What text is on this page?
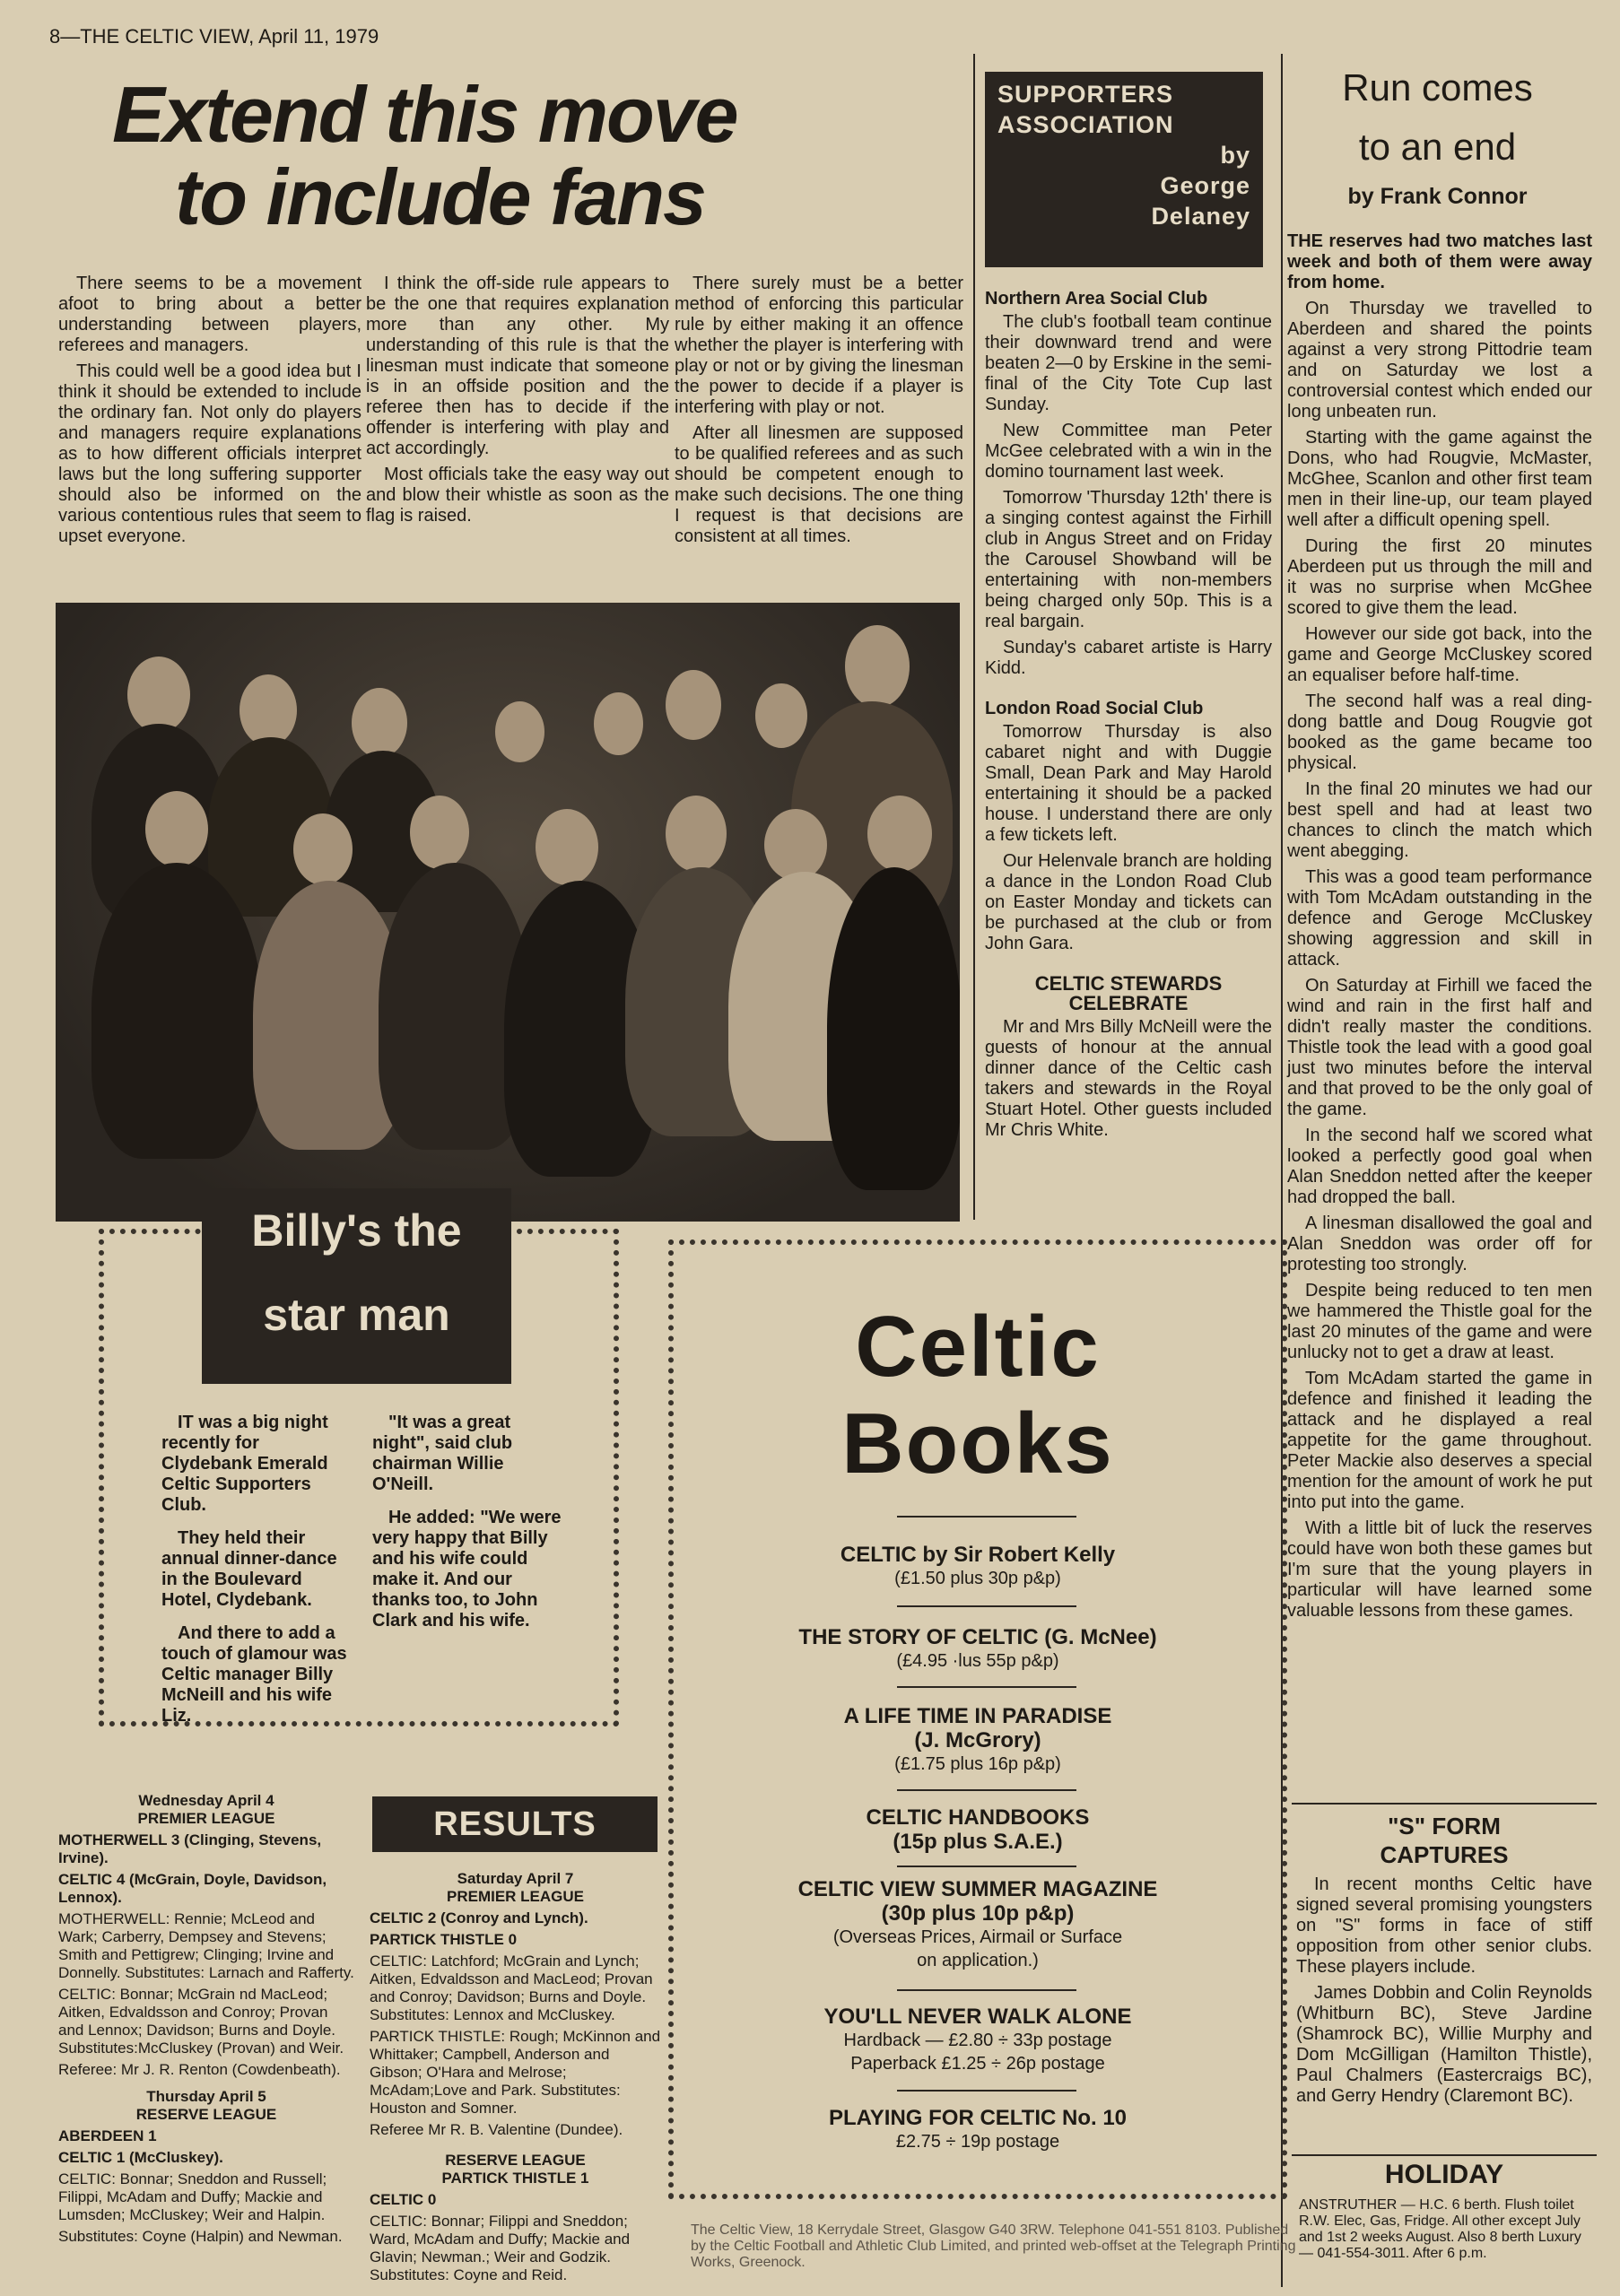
8—THE CELTIC VIEW, April 11, 1979
Extend this move
to include fans

There seems to be a movement afoot to bring about a better understanding between players, referees and managers.

This could well be a good idea but I think it should be extended to include the ordinary fan. Not only do players and managers require explanations as to how different officials interpret laws but the long suffering supporter should also be informed on the various contentious rules that seem to upset everyone.

I think the off-side rule appears to be the one that requires explanation more than any other. My understanding of this rule is that the linesman must indicate that someone is in an offside position and the referee then has to decide if the offender is interfering with play and act accordingly.

Most officials take the easy way out and blow their whistle as soon as the flag is raised.

There surely must be a better method of enforcing this particular rule by either making it an offence whether the player is interfering with play or not or by giving the linesman the power to decide if a player is interfering with play or not.

After all linesmen are supposed to be qualified referees and as such should be competent enough to make such decisions. The one thing I request is that decisions are consistent at all times.

SUPPORTERS
ASSOCIATION
by
George
Delaney
Northern Area Social Club

The club's football team continue their downward trend and were beaten 2—0 by Erskine in the semi-final of the City Tote Cup last Sunday.

New Committee man Peter McGee celebrated with a win in the domino tournament last week.

Tomorrow 'Thursday 12th' there is a singing contest against the Firhill club in Angus Street and on Friday the Carousel Showband will be entertaining with non-members being charged only 50p. This is a real bargain.

Sunday's cabaret artiste is Harry Kidd.

London Road Social Club

Tomorrow Thursday is also cabaret night and with Duggie Small, Dean Park and May Harold entertaining it should be a packed house. I understand there are only a few tickets left.

Our Helenvale branch are holding a dance in the London Road Club on Easter Monday and tickets can be purchased at the club or from John Gara.

CELTIC STEWARDS
CELEBRATE

Mr and Mrs Billy McNeill were the guests of honour at the annual dinner dance of the Celtic cash takers and stewards in the Royal Stuart Hotel. Other guests included Mr Chris White.

Billy's the
star man

IT was a big night recently for Clydebank Emerald Celtic Supporters Club.

They held their annual dinner-dance in the Boulevard Hotel, Clydebank.

And there to add a touch of glamour was Celtic manager Billy McNeill and his wife Liz.

"It was a great night", said club chairman Willie O'Neill.

He added: "We were very happy that Billy and his wife could make it. And our thanks too, to John Clark and his wife.

Run comes
to an end
by Frank Connor

THE reserves had two matches last week and both of them were away from home.

On Thursday we travelled to Aberdeen and shared the points against a very strong Pittodrie team and on Saturday we lost a controversial contest which ended our long unbeaten run.

Starting with the game against the Dons, who had Rougvie, McMaster, McGhee, Scanlon and other first team men in their line-up, our team played well after a difficult opening spell.

During the first 20 minutes Aberdeen put us through the mill and it was no surprise when McGhee scored to give them the lead.

However our side got back, into the game and George McCluskey scored an equaliser before half-time.

The second half was a real ding-dong battle and Doug Rougvie got booked as the game became too physical.

In the final 20 minutes we had our best spell and had at least two chances to clinch the match which went abegging.

This was a good team performance with Tom McAdam outstanding in the defence and Geroge McCluskey showing aggression and skill in attack.

On Saturday at Firhill we faced the wind and rain in the first half and didn't really master the conditions. Thistle took the lead with a good goal just two minutes before the interval and that proved to be the only goal of the game.

In the second half we scored what looked a perfectly good goal when Alan Sneddon netted after the keeper had dropped the ball.

A linesman disallowed the goal and Alan Sneddon was order off for protesting too strongly.

Despite being reduced to ten men we hammered the Thistle goal for the last 20 minutes of the game and were unlucky not to get a draw at least.

Tom McAdam started the game in defence and finished it leading the attack and he displayed a real appetite for the game throughout. Peter Mackie also deserves a special mention for the amount of work he put into put into the game.

With a little bit of luck the reserves could have won both these games but I'm sure that the young players in particular will have learned some valuable lessons from these games.

"S" FORM
CAPTURES

In recent months Celtic have signed several promising youngsters on "S" forms in face of stiff opposition from other senior clubs. These players include.

James Dobbin and Colin Reynolds (Whitburn BC), Steve Jardine (Shamrock BC), Willie Murphy and Dom McGilligan (Hamilton Thistle), Paul Chalmers (Eastercraigs BC), and Gerry Hendry (Claremont BC).

HOLIDAY
ANSTRUTHER — H.C. 6 berth. Flush toilet R.W. Elec, Gas, Fridge. All other except July and 1st 2 weeks August. Also 8 berth Luxury — 041-554-3011. After 6 p.m.
Celtic
Books
CELTIC by Sir Robert Kelly
(£1.50 plus 30p p&p)
THE STORY OF CELTIC (G. McNee)
(£4.95 ·lus 55p p&p)
A LIFE TIME IN PARADISE
(J. McGrory)
(£1.75 plus 16p p&p)
CELTIC HANDBOOKS
(15p plus S.A.E.)
CELTIC VIEW SUMMER MAGAZINE
(30p plus 10p p&p)
(Overseas Prices, Airmail or Surface
on application.)
YOU'LL NEVER WALK ALONE
Hardback — £2.80 ÷ 33p postage
Paperback £1.25 ÷ 26p postage
PLAYING FOR CELTIC No. 10
£2.75 ÷ 19p postage
The Celtic View, 18 Kerrydale Street, Glasgow G40 3RW. Telephone 041-551 8103. Published by the Celtic Football and Athletic Club Limited, and printed web-offset at the Telegraph Printing Works, Greenock.

Wednesday April 4
PREMIER LEAGUE

MOTHERWELL 3 (Clinging, Stevens, Irvine).

CELTIC 4 (McGrain, Doyle, Davidson, Lennox).

MOTHERWELL: Rennie; McLeod and Wark; Carberry, Dempsey and Stevens; Smith and Pettigrew; Clinging; Irvine and Donnelly. Substitutes: Larnach and Rafferty.

CELTIC: Bonnar; McGrain nd MacLeod; Aitken, Edvaldsson and Conroy; Provan and Lennox; Davidson; Burns and Doyle. Substitutes:McCluskey (Provan) and Weir.

Referee: Mr J. R. Renton (Cowdenbeath).

Thursday April 5
RESERVE LEAGUE

ABERDEEN 1

CELTIC 1 (McCluskey).

CELTIC: Bonnar; Sneddon and Russell; Filippi, McAdam and Duffy; Mackie and Lumsden; McCluskey; Weir and Halpin.

Substitutes: Coyne (Halpin) and Newman.

RESULTS

Saturday April 7
PREMIER LEAGUE

CELTIC 2 (Conroy and Lynch).

PARTICK THISTLE 0

CELTIC: Latchford; McGrain and Lynch; Aitken, Edvaldsson and MacLeod; Provan and Conroy; Davidson; Burns and Doyle. Substitutes: Lennox and McCluskey.

PARTICK THISTLE: Rough; McKinnon and Whittaker; Campbell, Anderson and Gibson; O'Hara and Melrose; McAdam;Love and Park. Substitutes: Houston and Somner.

Referee Mr R. B. Valentine (Dundee).

RESERVE LEAGUE
PARTICK THISTLE 1

CELTIC 0

CELTIC: Bonnar; Filippi and Sneddon; Ward, McAdam and Duffy; Mackie and Glavin; Newman.; Weir and Godzik. Substitutes: Coyne and Reid.
